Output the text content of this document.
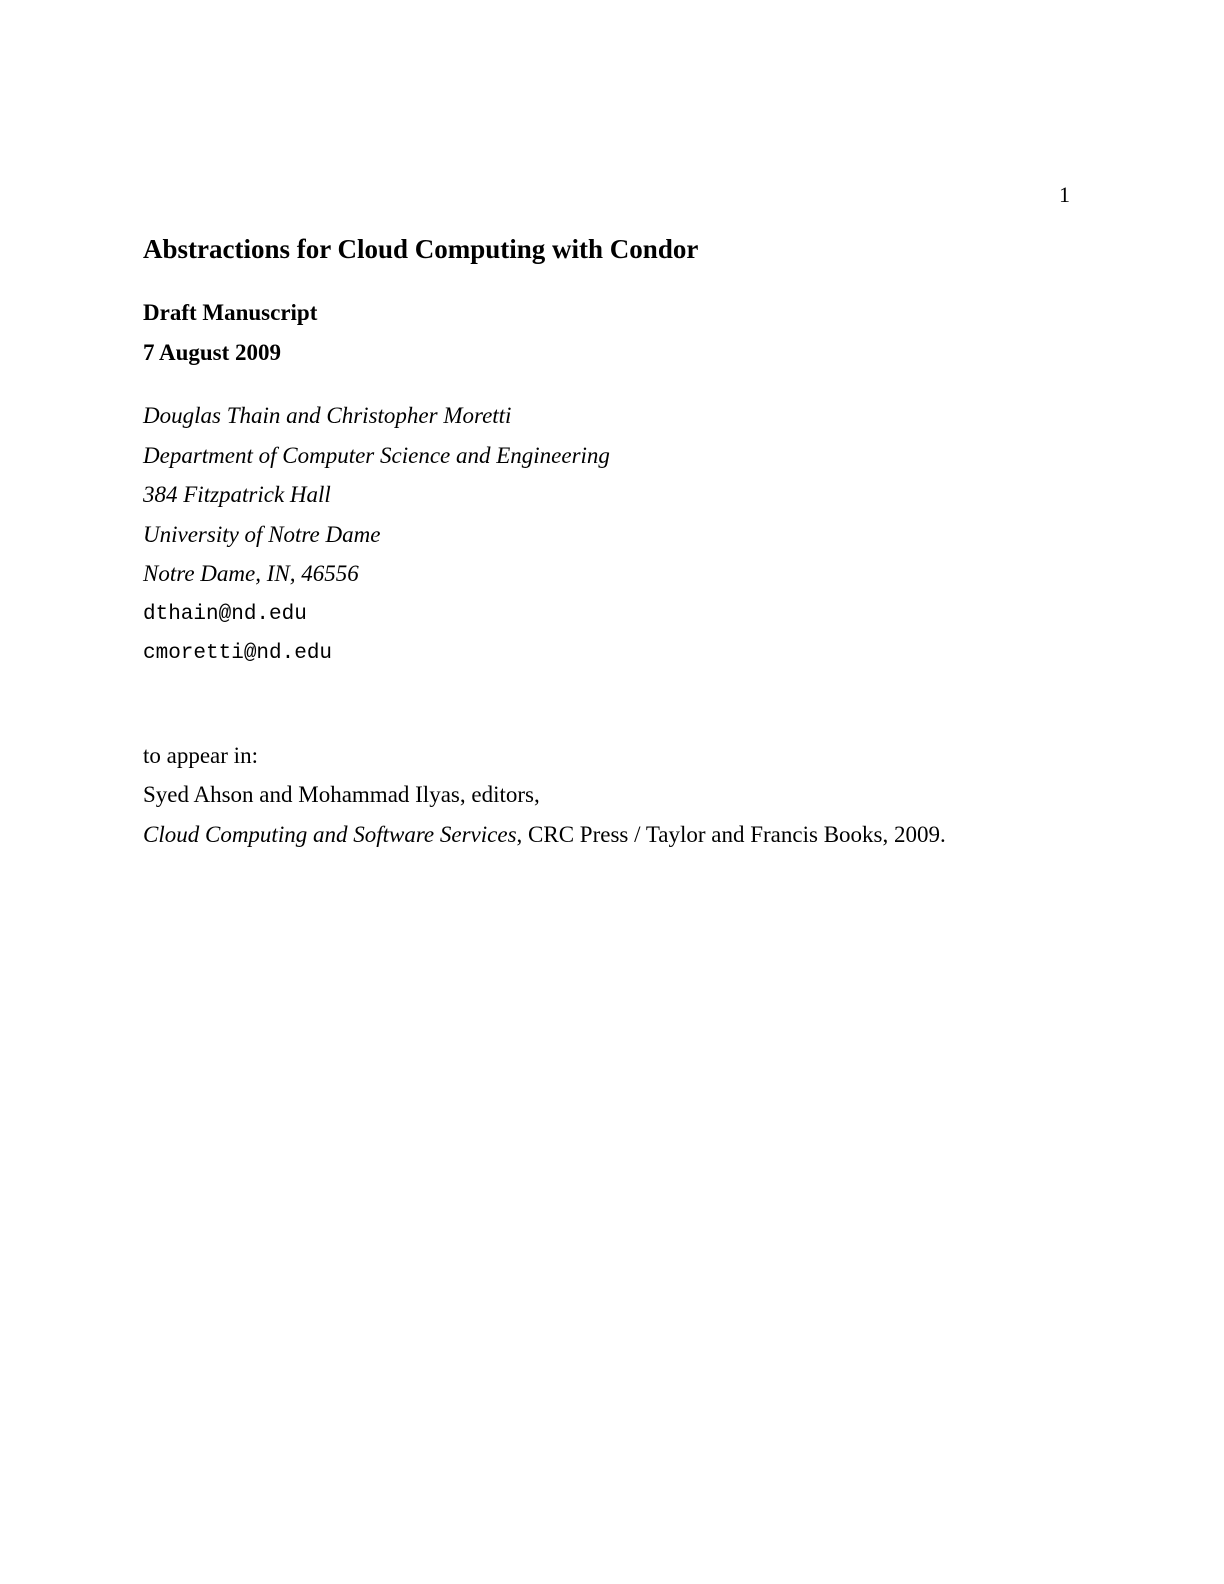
1
Abstractions for Cloud Computing with Condor

Draft Manuscript

7 August 2009

Douglas Thain and Christopher Moretti

Department of Computer Science and Engineering

384 Fitzpatrick Hall

University of Notre Dame

Notre Dame, IN, 46556

dthain@nd.edu

cmoretti@nd.edu

to appear in:

Syed Ahson and Mohammad Ilyas, editors,

Cloud Computing and Software Services, CRC Press / Taylor and Francis Books, 2009.
